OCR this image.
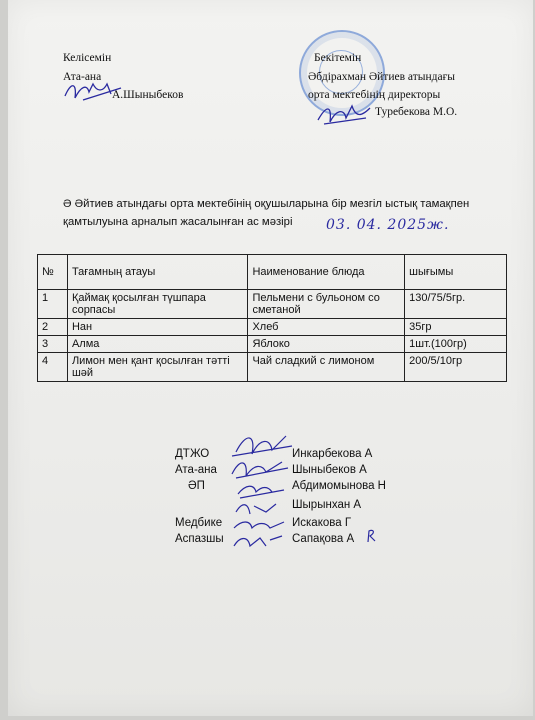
Келісемін
Ата-ана
А.Шыныбеков
Бекітемін
Әбдірахман Әйтиев атындағы
орта мектебінің директоры
Туребекова М.О.
Ә Әйтиев атындағы орта мектебінің оқушыларына бір мезгіл ыстық тамақпен
қамтылуына арналып жасалынған ас мәзірі 03. 04. 2025ж.
№	Тағамның атауы	Наименование блюда	шығымы
1	Қаймақ қосылған түшпара сорпасы	Пельмени с бульоном со сметаной	130/75/5гр.
2	Нан	Хлеб	35гр
3	Алма	Яблоко	1шт.(100гр)
4	Лимон мен қант қосылған тәтті шәй	Чай сладкий с лимоном	200/5/10гр
ДТЖО	Инкарбекова А
Ата-ана	Шыныбеков А
ӘП	Абдимомынова Н
Шырынхан А
Медбике	Искакова Г
Аспазшы	Сапақова А
